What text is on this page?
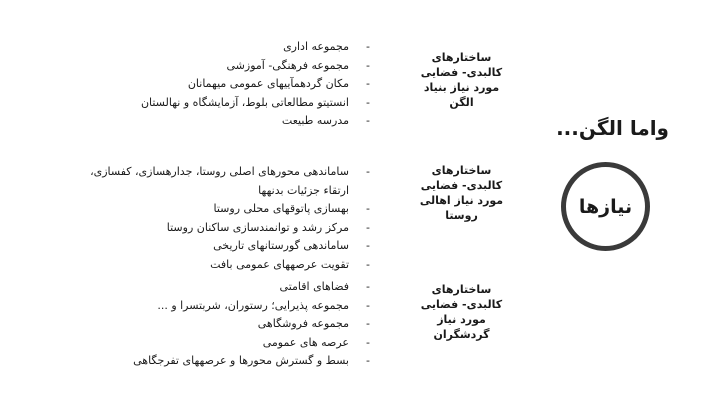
واما الگن...
نیازها
ساختارهای کالبدی- فضایی مورد نیاز بنیاد الگن
-
مجموعه اداری
-
مجموعه فرهنگی- آموزشی
-
مکان گردهمآییهای عمومی میهمانان
-
انستیتو مطالعاتی بلوط، آزمایشگاه و نهالستان
-
مدرسه طبیعت
ساختارهای کالبدی- فضایی مورد نیاز اهالی روستا
-
ساماندهی محورهای اصلی روستا، جدارهسازی، کفسازی، ارتقاء جزئیات بدنهها
-
بهسازی پاتوقهای محلی روستا
-
مرکز رشد و توانمندسازی ساکنان روستا
-
ساماندهی گورستانهای تاریخی
-
تقویت عرصههای عمومی بافت
ساختارهای کالبدی- فضایی مورد نیاز گردشگران
-
فضاهای اقامتی
-
مجموعه پذیرایی؛ رستوران، شربتسرا و ...
-
مجموعه فروشگاهی
-
عرصه های عمومی
-
بسط و گسترش محورها و عرصههای تفرجگاهی
